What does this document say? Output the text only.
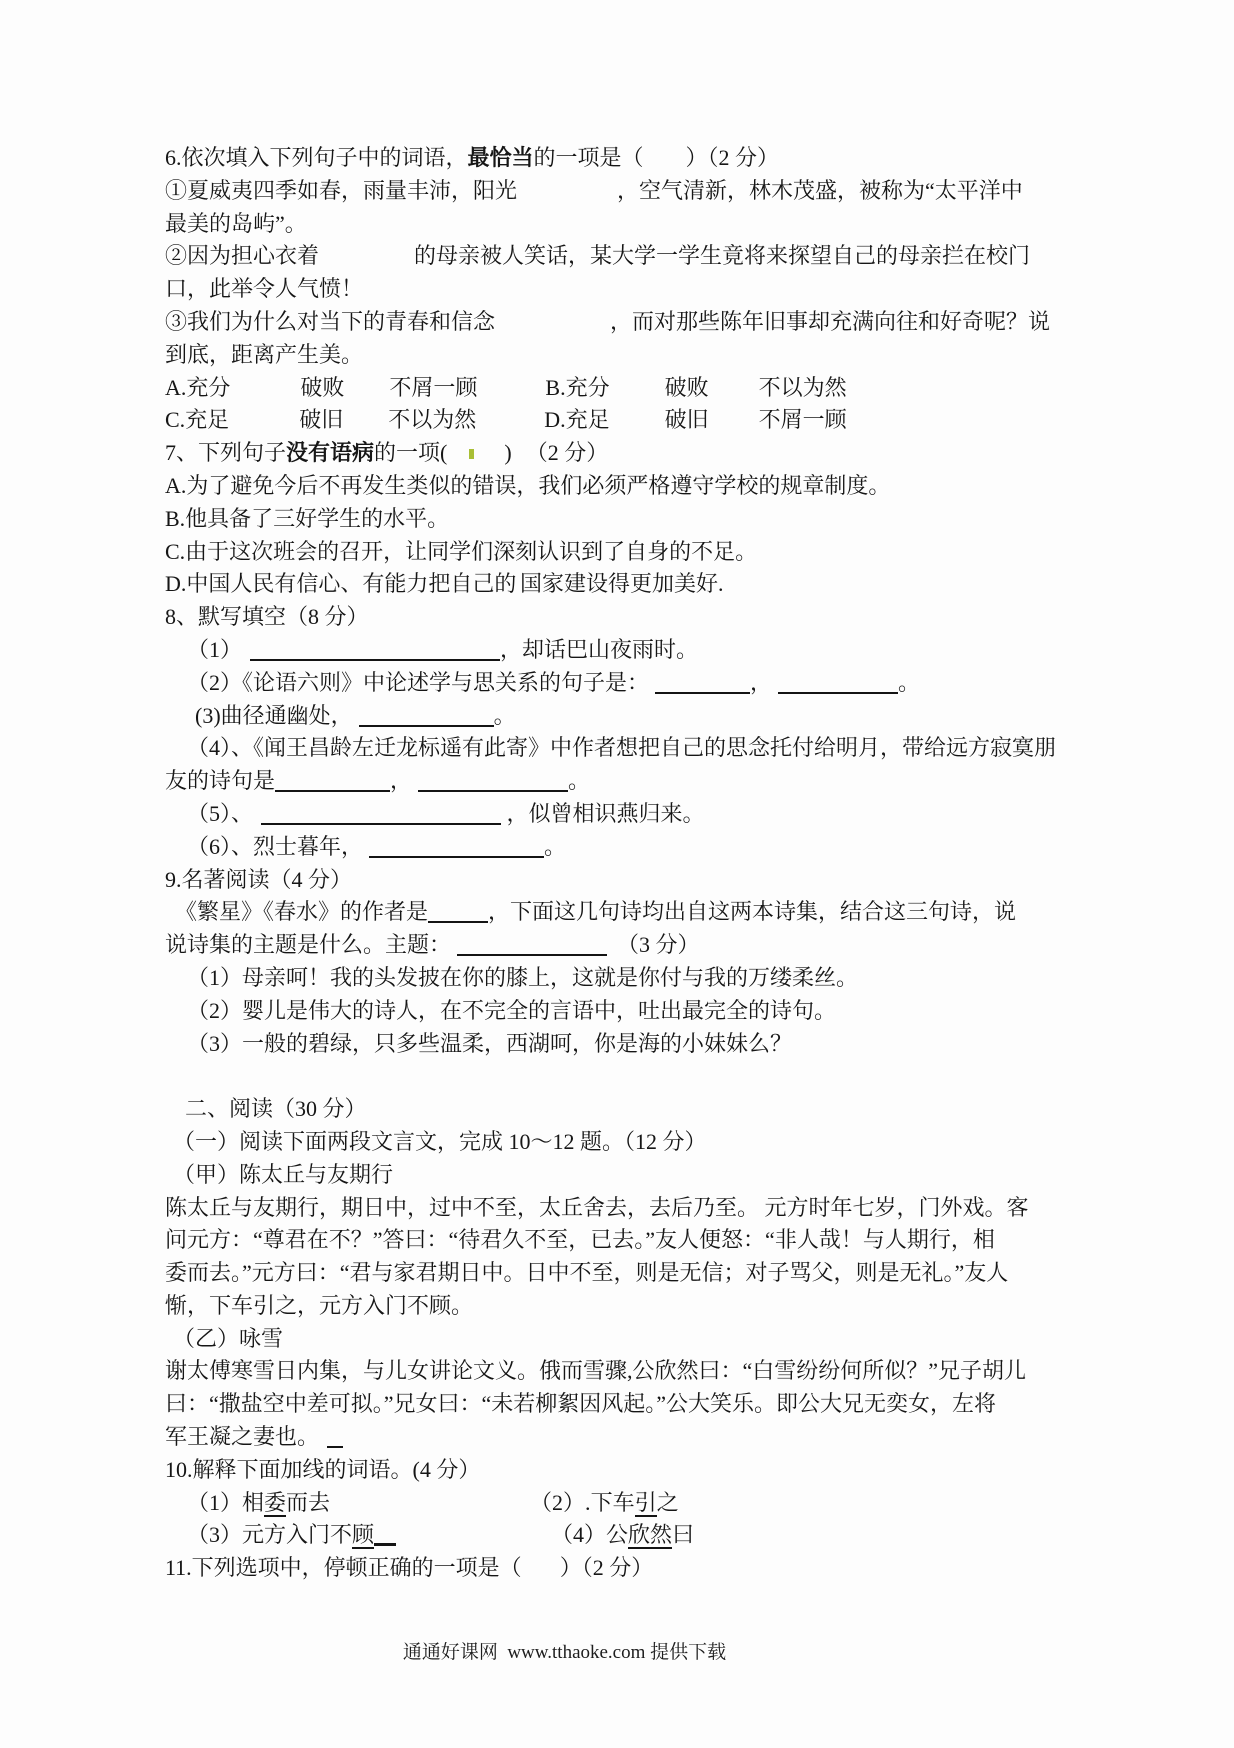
6.依次填入下列句子中的词语，最恰当的一项是（ ）（2 分）
①夏威夷四季如春，雨量丰沛，阳光	，空气清新，林木茂盛，被称为“太平洋中
最美的岛屿”。
②因为担心衣着	的母亲被人笑话，某大学一学生竟将来探望自己的母亲拦在校门
口，此举令人气愤！
③我们为什么对当下的青春和信念	，而对那些陈年旧事却充满向往和好奇呢？说
到底，距离产生美。
A.充分	破败 不屑一顾	B.充分	破败 不以为然
C.充足	破旧 不以为然	D.充足	破旧 不屑一顾
7、下列句子没有语病的一项(	) （2 分）
A.为了避免今后不再发生类似的错误，我们必须严格遵守学校的规章制度。
B.他具备了三好学生的水平。
C.由于这次班会的召开，让同学们深刻认识到了自身的不足。
D.中国人民有信心、有能力把自己的 国家建设得更加美好.
8、默写填空（8 分）
（1）	，却话巴山夜雨时。
（2）《论语六则》中论述学与思关系的句子是：	，	。
(3)曲径通幽处，	。
（4）、《闻王昌龄左迁龙标遥有此寄》中作者想把自己的思念托付给明月，带给远方寂寞朋
友的诗句是	，	。
（5）、	，似曾相识燕归来。
（6）、烈士暮年，	。
9.名著阅读（4 分）
《繁星》《春水》的作者是	，下面这几句诗均出自这两本诗集，结合这三句诗，说
说诗集的主题是什么。主题：	（3 分）
（1）母亲呵！我的头发披在你的膝上，这就是你付与我的万缕柔丝。
（2）婴儿是伟大的诗人，在不完全的言语中，吐出最完全的诗句。
（3）一般的碧绿，只多些温柔，西湖呵，你是海的小妹妹么？

二、阅读（30 分）
（一）阅读下面两段文言文，完成 10～12 题。（12 分）
（甲）陈太丘与友期行
陈太丘与友期行，期日中，过中不至，太丘舍去，去后乃至。 元方时年七岁，门外戏。客
问元方：“尊君在不？”答曰：“待君久不至，已去。”友人便怒：“非人哉！与人期行，相
委而去。”元方曰：“君与家君期日中。日中不至，则是无信；对子骂父，则是无礼。”友人
惭，下车引之，元方入门不顾。
（乙）咏雪
谢太傅寒雪日内集，与儿女讲论文义。俄而雪骤,公欣然曰：“白雪纷纷何所似？”兄子胡儿
曰：“撒盐空中差可拟。”兄女曰：“未若柳絮因风起。”公大笑乐。即公大兄无奕女，左将
军王凝之妻也。
10.解释下面加线的词语。(4 分）
（1）相委而去	（2）.下车引之
（3）元方入门不顾	（4）公欣然曰
11.下列选项中，停顿正确的一项是（ ）（2 分）

通通好课网  www.tthaoke.com 提供下载
